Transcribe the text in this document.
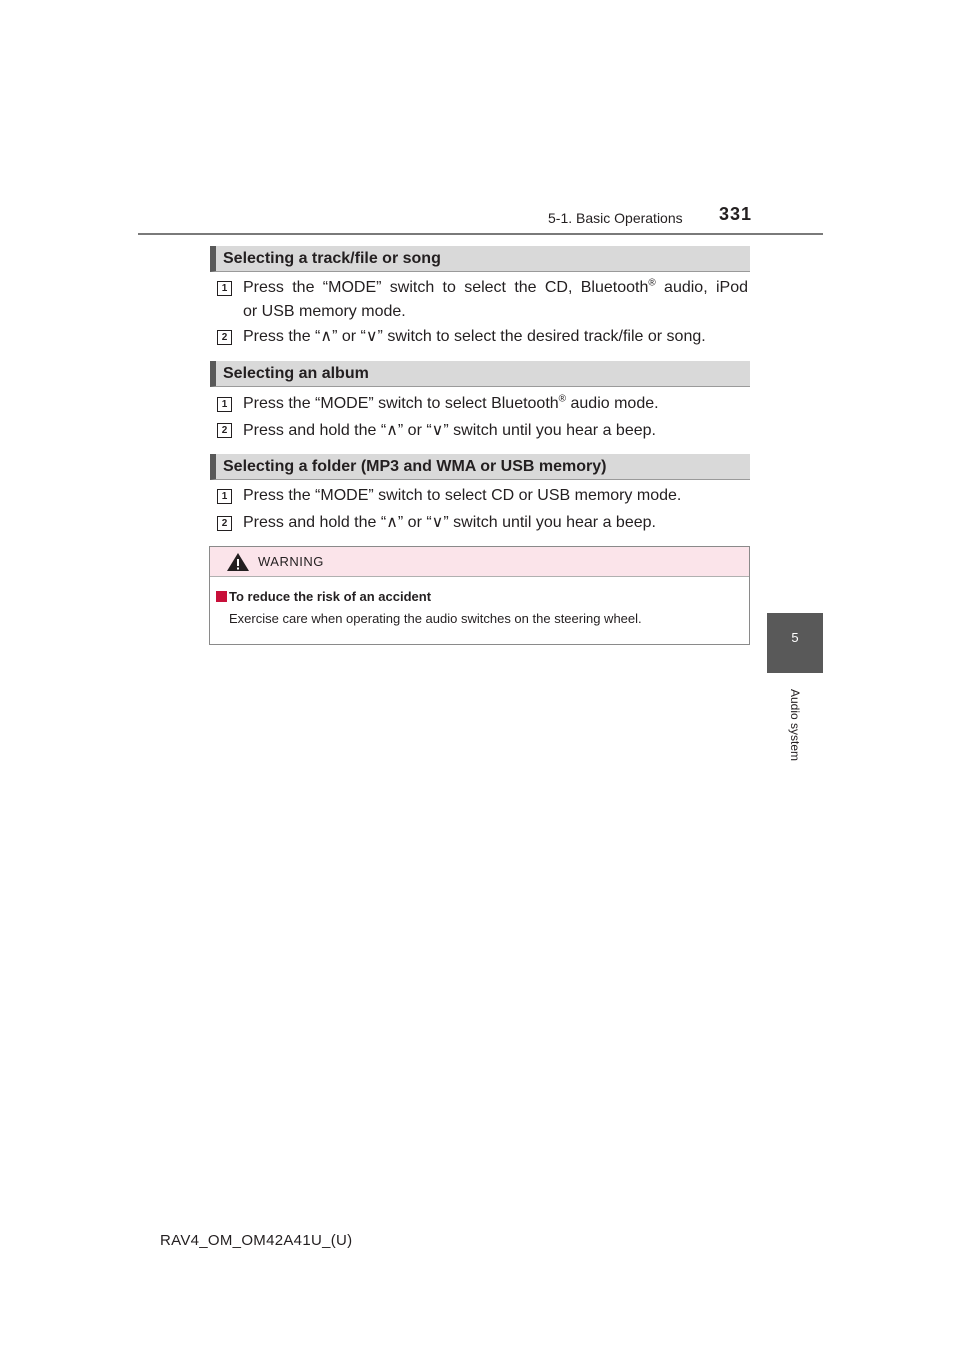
5-1. Basic Operations 331
5
Audio system
Selecting a track/file or song
1 Press the “MODE” switch to select the CD, Bluetooth® audio, iPod
or USB memory mode.
2 Press the “∧” or “∨” switch to select the desired track/file or song.
Selecting an album
1 Press the “MODE” switch to select Bluetooth® audio mode.
2 Press and hold the “∧” or “∨” switch until you hear a beep.
Selecting a folder (MP3 and WMA or USB memory)
1 Press the “MODE” switch to select CD or USB memory mode.
2 Press and hold the “∧” or “∨” switch until you hear a beep.
WARNING
To reduce the risk of an accident
Exercise care when operating the audio switches on the steering wheel.
RAV4_OM_OM42A41U_(U)
